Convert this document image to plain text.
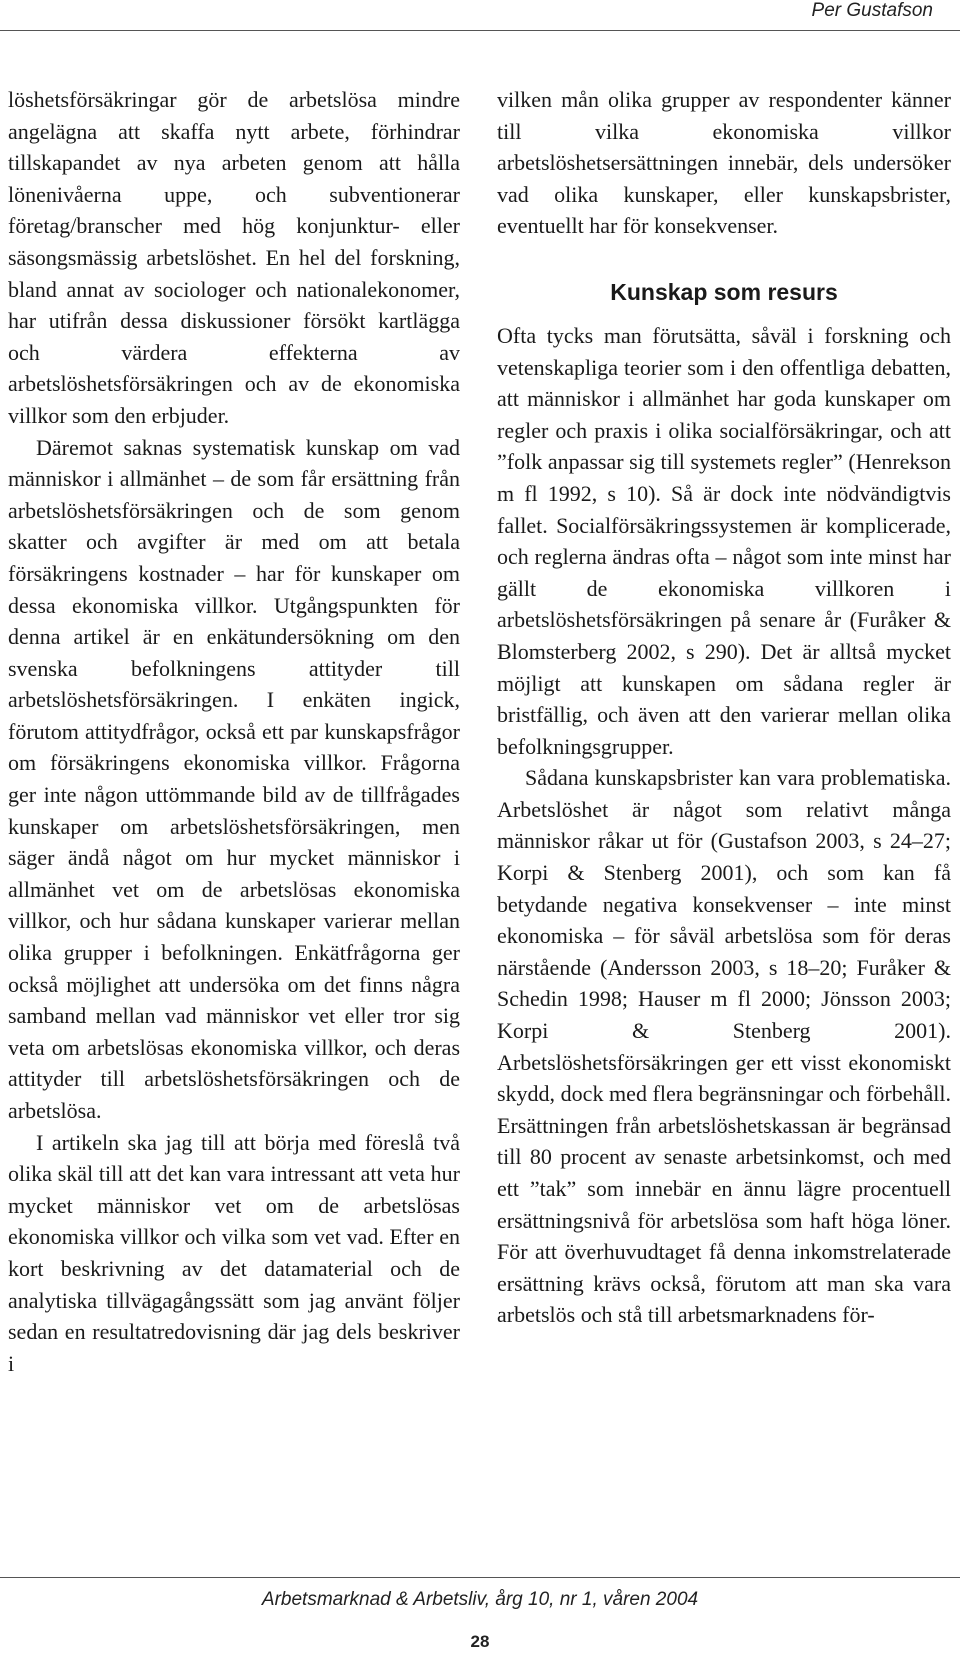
Per Gustafson

löshetsförsäkringar gör de arbetslösa mindre angelägna att skaffa nytt arbete, förhindrar tillskapandet av nya arbeten genom att hålla lönenivåerna uppe, och subventionerar företag/branscher med hög konjunktur- eller säsongsmässig arbetslöshet. En hel del forskning, bland annat av sociologer och nationalekonomer, har utifrån dessa diskussioner försökt kartlägga och värdera effekterna av arbetslöshetsförsäkringen och av de ekonomiska villkor som den erbjuder.

Däremot saknas systematisk kunskap om vad människor i allmänhet – de som får ersättning från arbetslöshetsförsäkringen och de som genom skatter och avgifter är med om att betala försäkringens kostnader – har för kunskaper om dessa ekonomiska villkor. Utgångspunkten för denna artikel är en enkätundersökning om den svenska befolkningens attityder till arbetslöshetsförsäkringen. I enkäten ingick, förutom attitydfrågor, också ett par kunskapsfrågor om försäkringens ekonomiska villkor. Frågorna ger inte någon uttömmande bild av de tillfrågades kunskaper om arbetslöshetsförsäkringen, men säger ändå något om hur mycket människor i allmänhet vet om de arbetslösas ekonomiska villkor, och hur sådana kunskaper varierar mellan olika grupper i befolkningen. Enkätfrågorna ger också möjlighet att undersöka om det finns några samband mellan vad människor vet eller tror sig veta om arbetslösas ekonomiska villkor, och deras attityder till arbetslöshetsförsäkringen och de arbetslösa.

I artikeln ska jag till att börja med föreslå två olika skäl till att det kan vara intressant att veta hur mycket människor vet om de arbetslösas ekonomiska villkor och vilka som vet vad. Efter en kort beskrivning av det datamaterial och de analytiska tillvägagångssätt som jag använt följer sedan en resultatredovisning där jag dels beskriver i

vilken mån olika grupper av respondenter känner till vilka ekonomiska villkor arbetslöshetsersättningen innebär, dels undersöker vad olika kunskaper, eller kunskapsbrister, eventuellt har för konsekvenser.

Kunskap som resurs

Ofta tycks man förutsätta, såväl i forskning och vetenskapliga teorier som i den offentliga debatten, att människor i allmänhet har goda kunskaper om regler och praxis i olika socialförsäkringar, och att ”folk anpassar sig till systemets regler” (Henrekson m fl 1992, s 10). Så är dock inte nödvändigtvis fallet. Socialförsäkringssystemen är komplicerade, och reglerna ändras ofta – något som inte minst har gällt de ekonomiska villkoren i arbetslöshetsförsäkringen på senare år (Furåker & Blomsterberg 2002, s 290). Det är alltså mycket möjligt att kunskapen om sådana regler är bristfällig, och även att den varierar mellan olika befolkningsgrupper.

Sådana kunskapsbrister kan vara problematiska. Arbetslöshet är något som relativt många människor råkar ut för (Gustafson 2003, s 24–27; Korpi & Stenberg 2001), och som kan få betydande negativa konsekvenser – inte minst ekonomiska – för såväl arbetslösa som för deras närstående (Andersson 2003, s 18–20; Furåker & Schedin 1998; Hauser m fl 2000; Jönsson 2003; Korpi & Stenberg 2001). Arbetslöshetsförsäkringen ger ett visst ekonomiskt skydd, dock med flera begränsningar och förbehåll. Ersättningen från arbetslöshetskassan är begränsad till 80 procent av senaste arbetsinkomst, och med ett ”tak” som innebär en ännu lägre procentuell ersättningsnivå för arbetslösa som haft höga löner. För att överhuvudtaget få denna inkomstrelaterade ersättning krävs också, förutom att man ska vara arbetslös och stå till arbetsmarknadens för-

Arbetsmarknad & Arbetsliv, årg 10, nr 1, våren 2004
28
